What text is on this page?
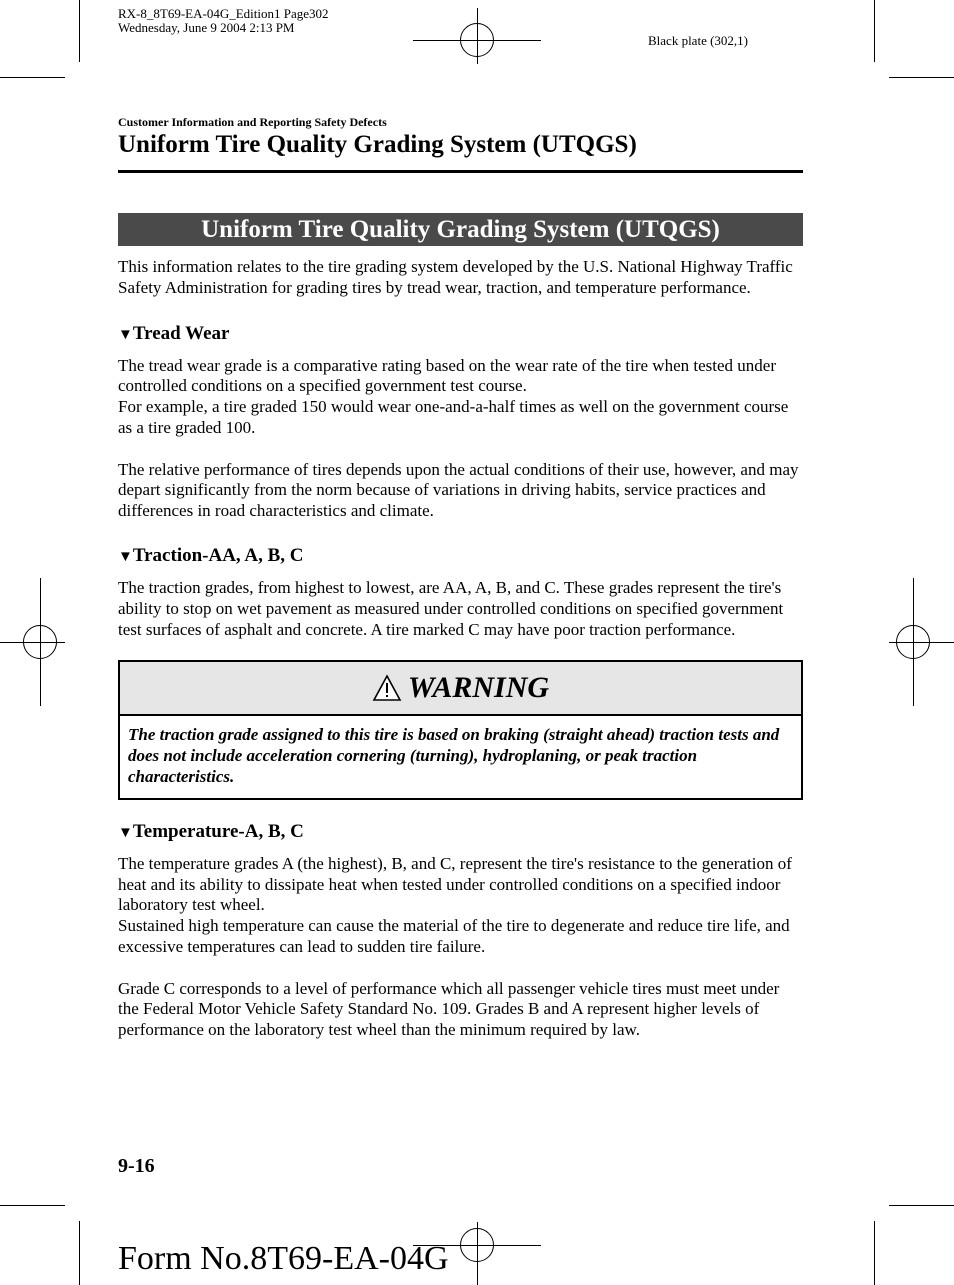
RX-8_8T69-EA-04G_Edition1 Page302
Wednesday, June 9 2004 2:13 PM
Black plate (302,1)
Customer Information and Reporting Safety Defects
Uniform Tire Quality Grading System (UTQGS)
Uniform Tire Quality Grading System (UTQGS)

This information relates to the tire grading system developed by the U.S. National Highway Traffic Safety Administration for grading tires by tread wear, traction, and temperature performance.

▼Tread Wear

The tread wear grade is a comparative rating based on the wear rate of the tire when tested under controlled conditions on a specified government test course.

For example, a tire graded 150 would wear one-and-a-half times as well on the government course as a tire graded 100.

The relative performance of tires depends upon the actual conditions of their use, however, and may depart significantly from the norm because of variations in driving habits, service practices and differences in road characteristics and climate.

▼Traction-AA, A, B, C

The traction grades, from highest to lowest, are AA, A, B, and C. These grades represent the tire's ability to stop on wet pavement as measured under controlled conditions on specified government test surfaces of asphalt and concrete. A tire marked C may have poor traction performance.

WARNING
The traction grade assigned to this tire is based on braking (straight ahead) traction tests and does not include acceleration cornering (turning), hydroplaning, or peak traction characteristics.

▼Temperature-A, B, C

The temperature grades A (the highest), B, and C, represent the tire's resistance to the generation of heat and its ability to dissipate heat when tested under controlled conditions on a specified indoor laboratory test wheel.

Sustained high temperature can cause the material of the tire to degenerate and reduce tire life, and excessive temperatures can lead to sudden tire failure.

Grade C corresponds to a level of performance which all passenger vehicle tires must meet under the Federal Motor Vehicle Safety Standard No. 109. Grades B and A represent higher levels of performance on the laboratory test wheel than the minimum required by law.

9-16
Form No.8T69-EA-04G
